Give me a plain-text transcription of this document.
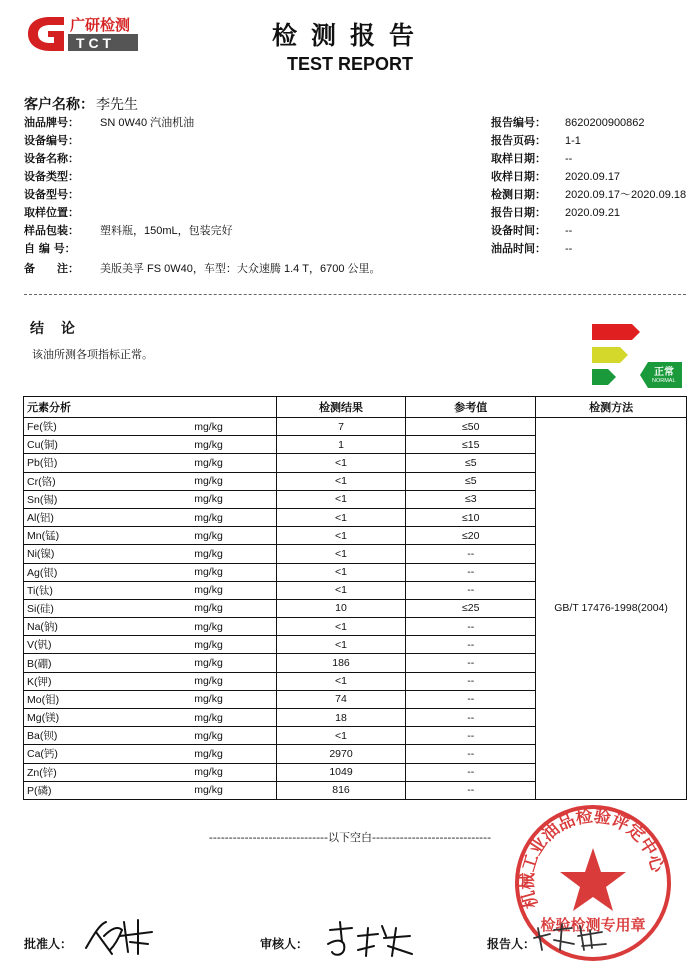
T C T
广研检测	检测报告
TEST REPORT
客户名称： 李先生
油品牌号： SN 0W40 汽油机油
设备编号：
设备名称：
设备类型：
设备型号：
取样位置：
样品包装： 塑料瓶，150mL，包装完好
自 编 号：
备　　注： 美版美孚 FS 0W40，车型：大众速腾 1.4 T，6700 公里。
报告编号： 8620200900862
报告页码： 1-1
取样日期： --
收样日期： 2020.09.17
检测日期： 2020.09.17～2020.09.18
报告日期： 2020.09.21
设备时间： --
油品时间： --
结 论
该油所测各项指标正常。
正常
NORMAL
元素分析		检测结果	参考值	检测方法
Fe(铁)	mg/kg	7	≤50	GB/T 17476-1998(2004)
Cu(铜)	mg/kg	1	≤15	
Pb(铅)	mg/kg	<1	≤5	
Cr(铬)	mg/kg	<1	≤5	
Sn(锡)	mg/kg	<1	≤3	
Al(铝)	mg/kg	<1	≤10	
Mn(锰)	mg/kg	<1	≤20	
Ni(镍)	mg/kg	<1	--	
Ag(银)	mg/kg	<1	--	
Ti(钛)	mg/kg	<1	--	
Si(硅)	mg/kg	10	≤25	
Na(钠)	mg/kg	<1	--	
V(钒)	mg/kg	<1	--	
B(硼)	mg/kg	186	--	
K(钾)	mg/kg	<1	--	
Mo(钼)	mg/kg	74	--	
Mg(镁)	mg/kg	18	--	
Ba(钡)	mg/kg	<1	--	
Ca(钙)	mg/kg	2970	--	
Zn(锌)	mg/kg	1049	--	
P(磷)	mg/kg	816	--	
------------------------------以下空白------------------------------
机械工业油品检验评定中心
检验检测专用章
批准人：	审核人：	报告人：
